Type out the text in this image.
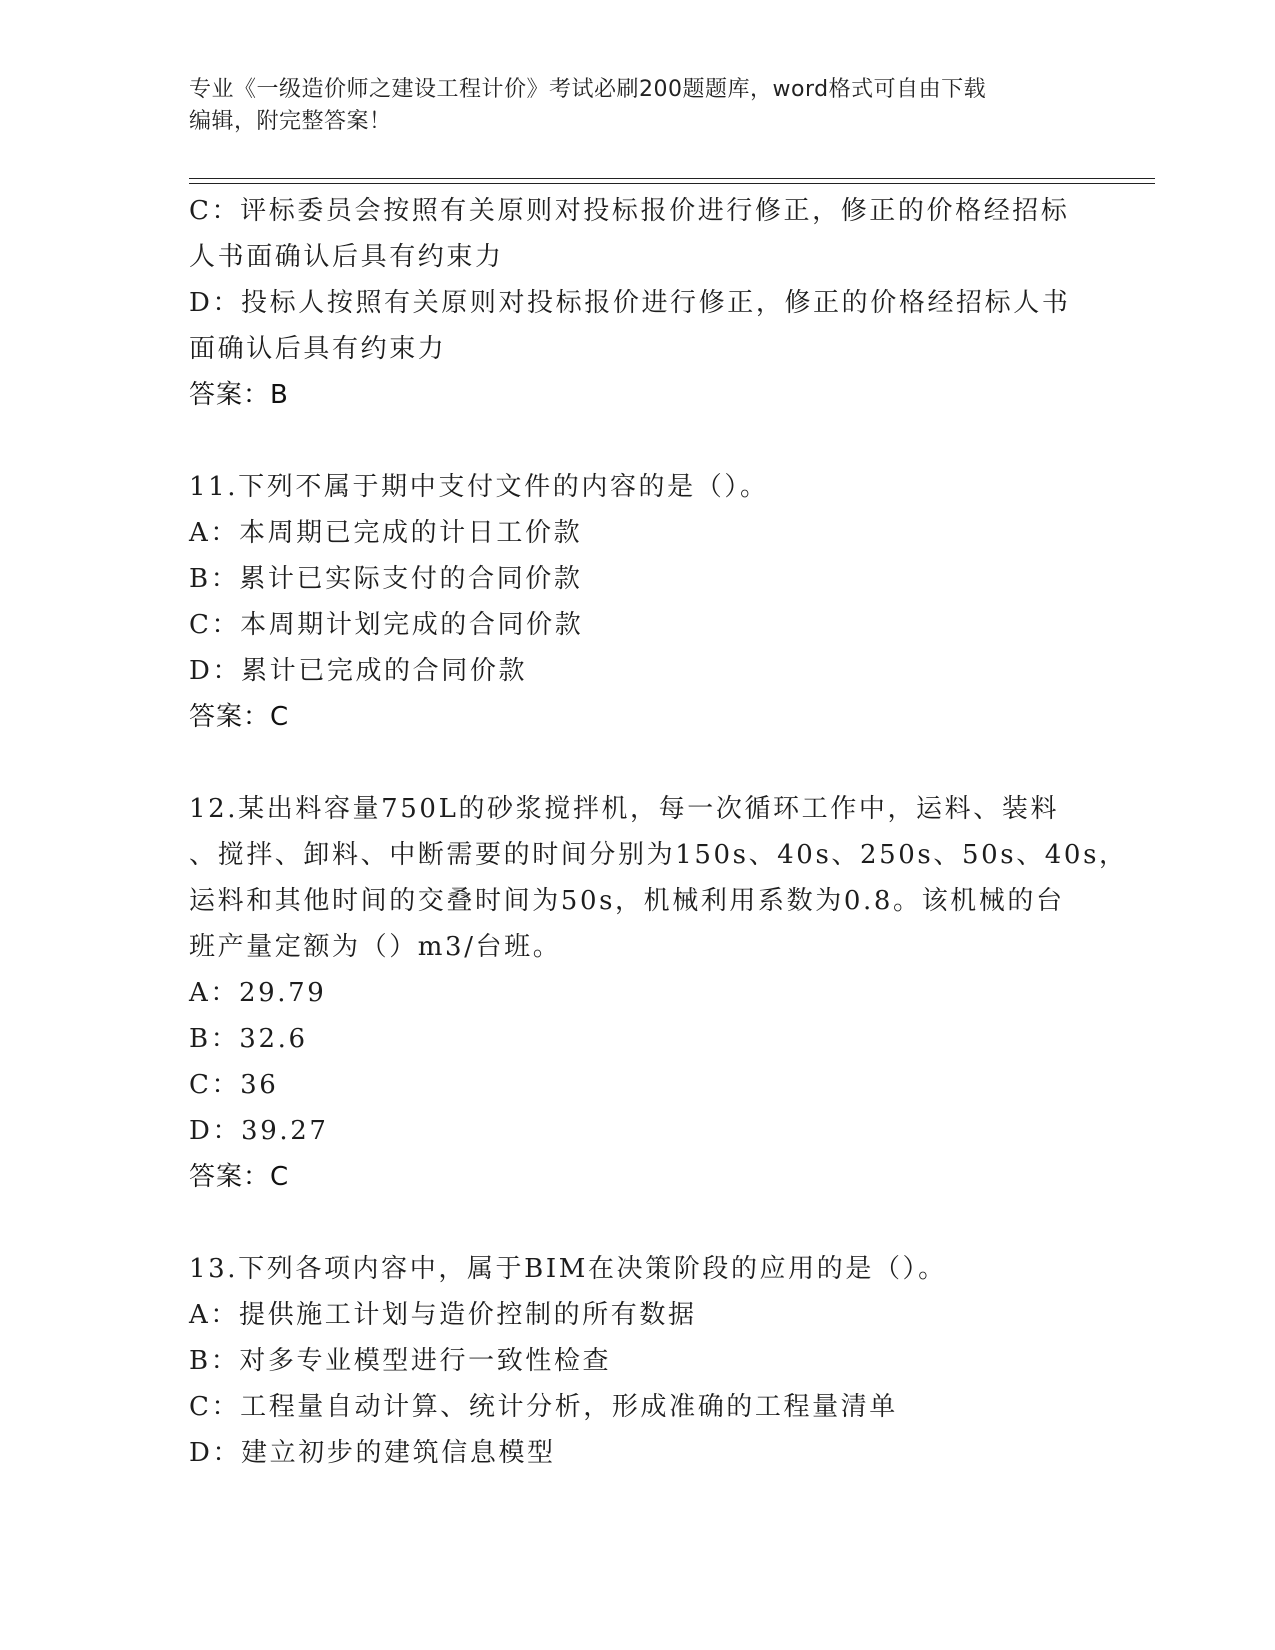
专业《一级造价师之建设工程计价》考试必刷200题题库，word格式可自由下载
编辑，附完整答案！
C：评标委员会按照有关原则对投标报价进行修正，修正的价格经招标
人书面确认后具有约束力
D：投标人按照有关原则对投标报价进行修正，修正的价格经招标人书
面确认后具有约束力
答案：B
11.下列不属于期中支付文件的内容的是（）。
A：本周期已完成的计日工价款
B：累计已实际支付的合同价款
C：本周期计划完成的合同价款
D：累计已完成的合同价款
答案：C
12.某出料容量750L的砂浆搅拌机，每一次循环工作中，运料、装料
、搅拌、卸料、中断需要的时间分别为150s、40s、250s、50s、40s，
运料和其他时间的交叠时间为50s，机械利用系数为0.8。该机械的台
班产量定额为（）m3/台班。
A：29.79
B：32.6
C：36
D：39.27
答案：C
13.下列各项内容中，属于BIM在决策阶段的应用的是（）。
A：提供施工计划与造价控制的所有数据
B：对多专业模型进行一致性检查
C：工程量自动计算、统计分析，形成准确的工程量清单
D：建立初步的建筑信息模型
